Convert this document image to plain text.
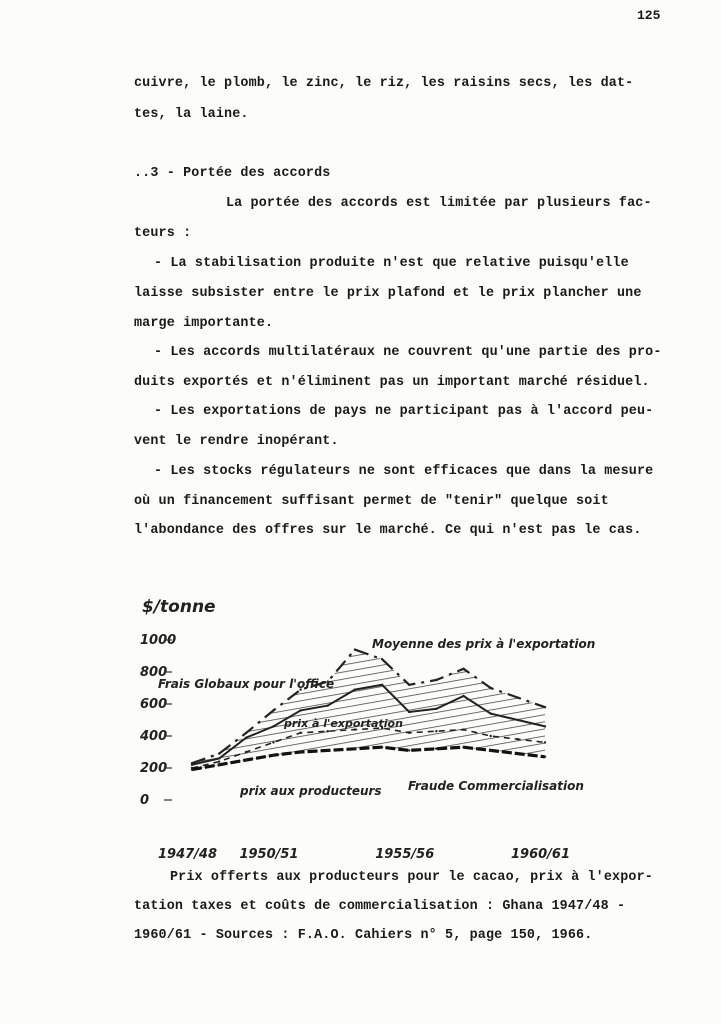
125
cuivre, le plomb, le zinc, le riz, les raisins secs, les dat-
tes, la laine.
..3 - Portée des accords
La portée des accords est limitée par plusieurs fac-
teurs :
- La stabilisation produite n'est que relative puisqu'elle
laisse subsister entre le prix plafond et le prix plancher une
marge importante.
- Les accords multilatéraux ne couvrent qu'une partie des pro-
duits exportés et n'éliminent pas un important marché résiduel.
- Les exportations de pays ne participant pas à l'accord peu-
vent le rendre inopérant.
- Les stocks régulateurs ne sont efficaces que dans la mesure
où un financement suffisant permet de "tenir" quelque soit
l'abondance des offres sur le marché. Ce qui n'est pas le cas.
1000
800
600
400
200
0
1947/48 1950/51	1955/56	1960/61
$/tonne
Frais Globaux pour l'office
Moyenne des prix à l'exportation
prix à l'exportation
prix aux producteurs Fraude Commercialisation
Prix offerts aux producteurs pour le cacao, prix à l'expor-
tation taxes et coûts de commercialisation : Ghana 1947/48 -
1960/61 - Sources : F.A.O. Cahiers n° 5, page 150, 1966.
